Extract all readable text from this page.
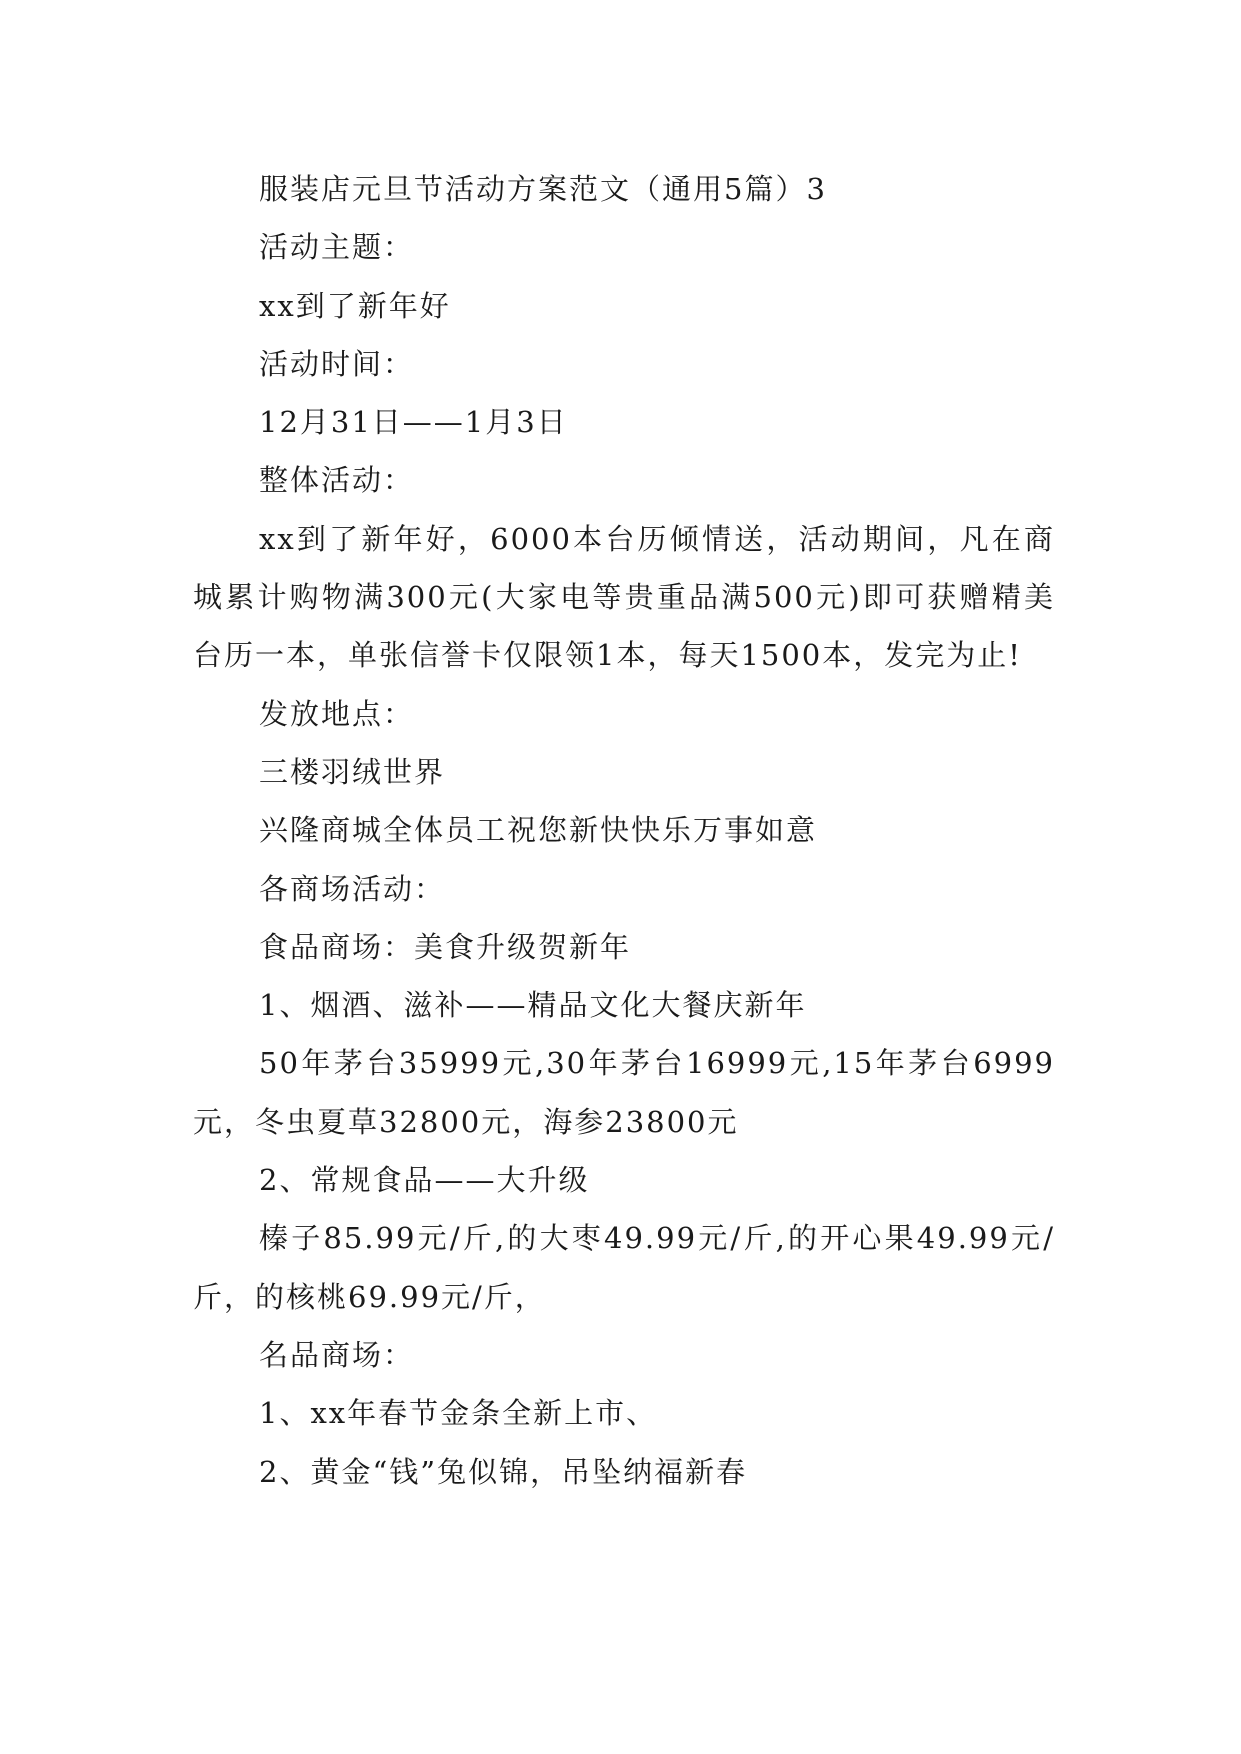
服装店元旦节活动方案范文（通用5篇）3

活动主题：

xx到了新年好

活动时间：

12月31日——1月3日

整体活动：

xx到了新年好，6000本台历倾情送，活动期间，凡在商城累计购物满300元(大家电等贵重品满500元)即可获赠精美台历一本，单张信誉卡仅限领1本，每天1500本，发完为止!

发放地点：

三楼羽绒世界

兴隆商城全体员工祝您新快快乐万事如意

各商场活动：

食品商场：美食升级贺新年

1、烟酒、滋补——精品文化大餐庆新年

50年茅台35999元,30年茅台16999元,15年茅台6999元，冬虫夏草32800元，海参23800元

2、常规食品——大升级

榛子85.99元/斤,的大枣49.99元/斤,的开心果49.99元/斤，的核桃69.99元/斤，

名品商场：

1、xx年春节金条全新上市、

2、黄金“钱”兔似锦，吊坠纳福新春
